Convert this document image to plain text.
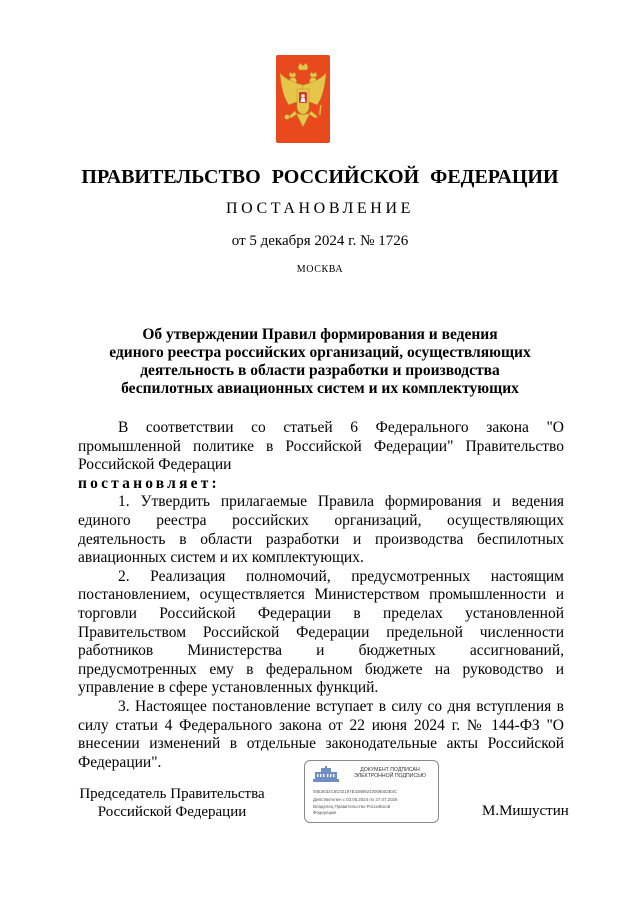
ПРАВИТЕЛЬСТВО РОССИЙСКОЙ ФЕДЕРАЦИИ
ПОСТАНОВЛЕНИЕ
от 5 декабря 2024 г. № 1726
МОСКВА
Об утверждении Правил формирования и ведения
единого реестра российских организаций, осуществляющих
деятельность в области разработки и производства
беспилотных авиационных систем и их комплектующих

В соответствии со статьей 6 Федерального закона "О промышленной политике в Российской Федерации" Правительство Российской Федерации

постановляет:

1. Утвердить прилагаемые Правила формирования и ведения единого реестра российских организаций, осуществляющих деятельность в области разработки и производства беспилотных авиационных систем и их комплектующих.

2. Реализация полномочий, предусмотренных настоящим постановлением, осуществляется Министерством промышленности и торговли Российской Федерации в пределах установленной Правительством Российской Федерации предельной численности работников Министерства и бюджетных ассигнований, предусмотренных ему в федеральном бюджете на руководство и управление в сфере установленных функций.

3. Настоящее постановление вступает в силу со дня вступления в силу статьи 4 Федерального закона от 22 июня 2024 г. № 144-ФЗ "О внесении изменений в отдельные законодательные акты Российской Федерации".

Председатель Правительства
Российской Федерации
ДОКУМЕНТ ПОДПИСАН
ЭЛЕКТРОННОЙ ПОДПИСЬЮ
00E3632C6C02197E43889210008002B4C
Действителен с 03.05.2024 по 27.07.2025
Владелец Правительство Российской
Федерации	М.Мишустин
